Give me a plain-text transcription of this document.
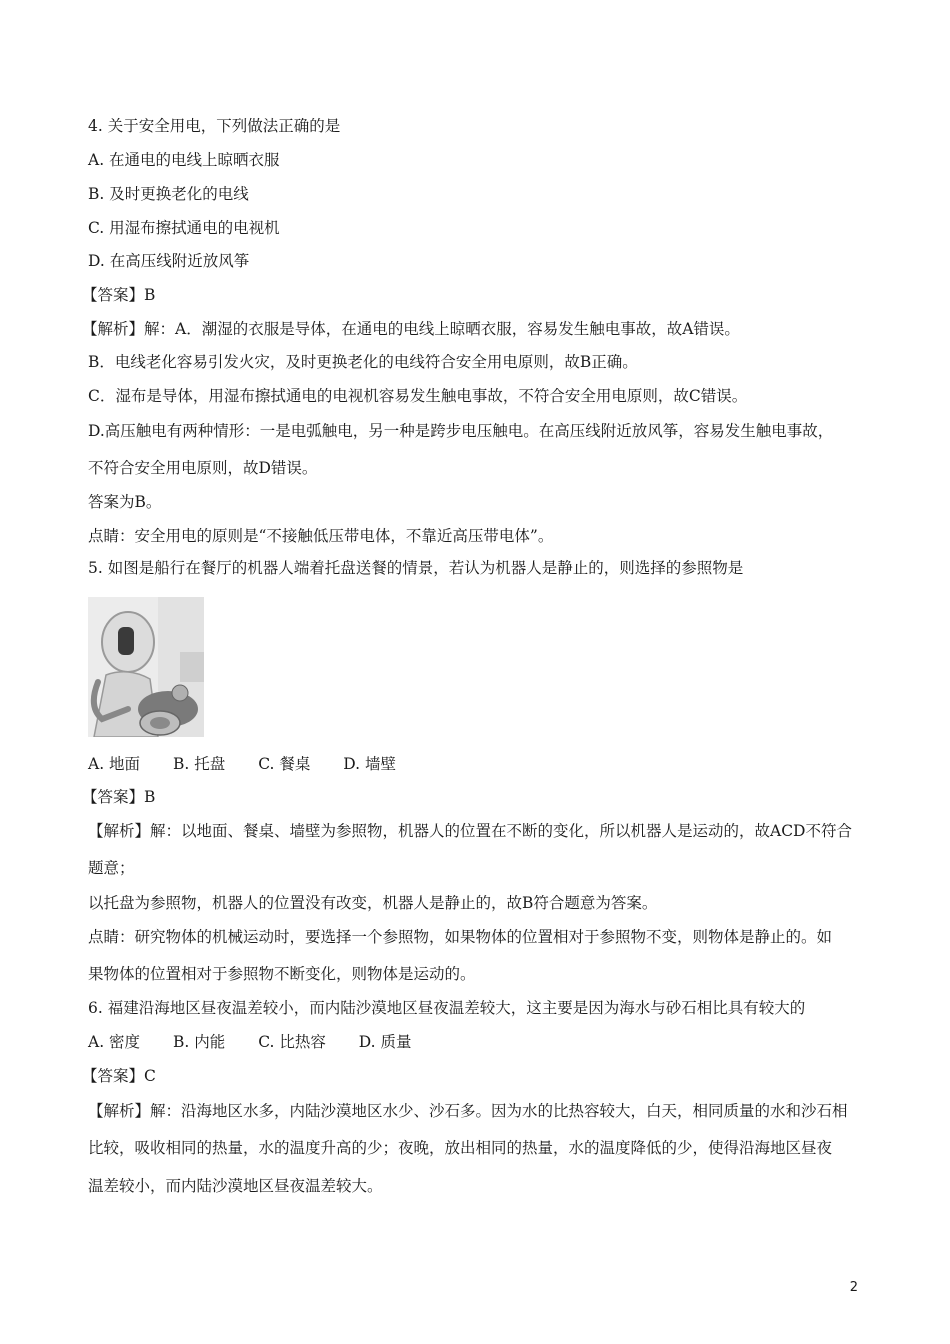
4. 关于安全用电，下列做法正确的是
A. 在通电的电线上晾晒衣服
B. 及时更换老化的电线
C. 用湿布擦拭通电的电视机
D. 在高压线附近放风筝
【答案】B
【解析】解：A．潮湿的衣服是导体，在通电的电线上晾晒衣服，容易发生触电事故，故A错误。
B．电线老化容易引发火灾，及时更换老化的电线符合安全用电原则，故B正确。
C．湿布是导体，用湿布擦拭通电的电视机容易发生触电事故，不符合安全用电原则，故C错误。
D.高压触电有两种情形：一是电弧触电，另一种是跨步电压触电。在高压线附近放风筝，容易发生触电事故，
不符合安全用电原则，故D错误。
答案为B。
点睛：安全用电的原则是“不接触低压带电体，不靠近高压带电体”。
5. 如图是船行在餐厅的机器人端着托盘送餐的情景，若认为机器人是静止的，则选择的参照物是
A. 地面 B. 托盘 C. 餐桌 D. 墙壁
【答案】B
【解析】解：以地面、餐桌、墙壁为参照物，机器人的位置在不断的变化，所以机器人是运动的，故ACD不符合
题意；
以托盘为参照物，机器人的位置没有改变，机器人是静止的，故B符合题意为答案。
点睛：研究物体的机械运动时，要选择一个参照物，如果物体的位置相对于参照物不变，则物体是静止的。如
果物体的位置相对于参照物不断变化，则物体是运动的。
6. 福建沿海地区昼夜温差较小，而内陆沙漠地区昼夜温差较大，这主要是因为海水与砂石相比具有较大的
A. 密度 B. 内能 C. 比热容 D. 质量
【答案】C
【解析】解：沿海地区水多，内陆沙漠地区水少、沙石多。因为水的比热容较大，白天，相同质量的水和沙石相
比较，吸收相同的热量，水的温度升高的少；夜晚，放出相同的热量，水的温度降低的少，使得沿海地区昼夜
温差较小，而内陆沙漠地区昼夜温差较大。
2
